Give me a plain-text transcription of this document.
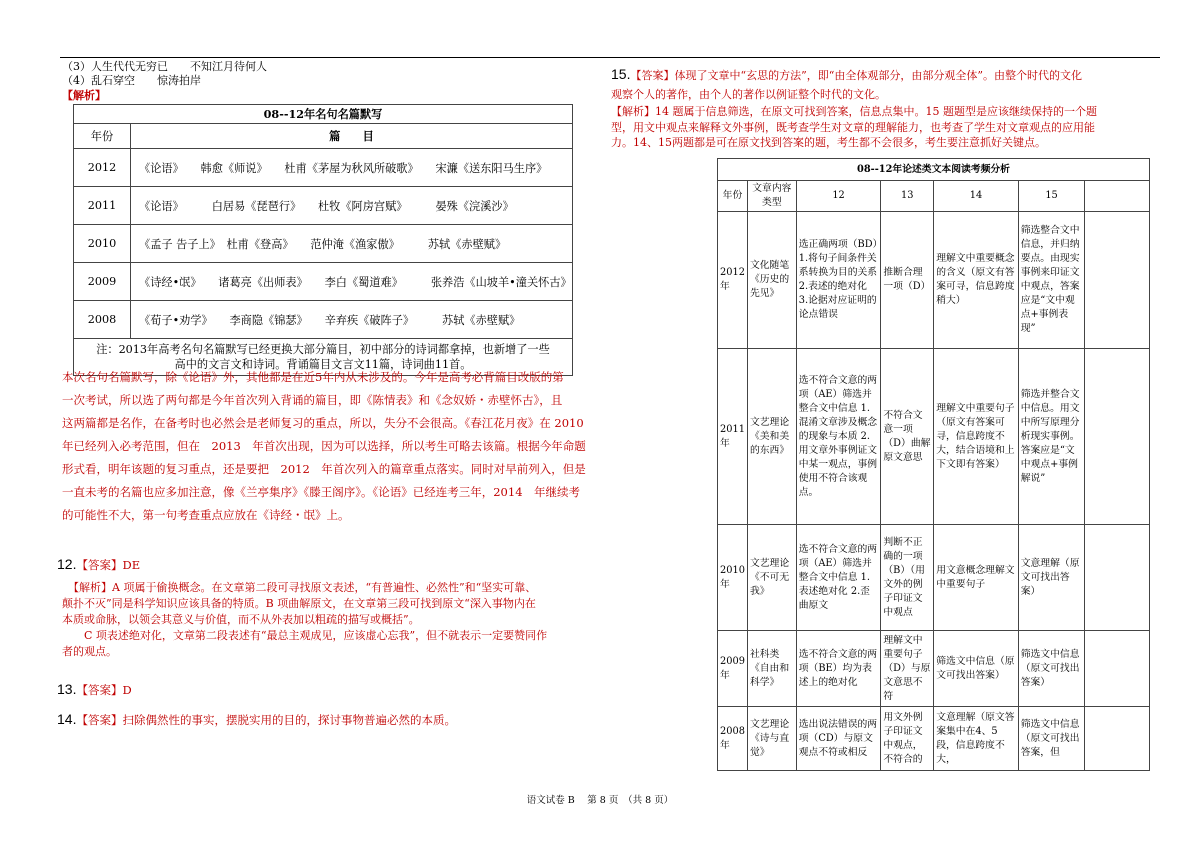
（3）人生代代无穷已　　不知江月待何人
（4）乱石穿空　　惊涛拍岸
【解析】
08--12年名句名篇默写	
年份	篇　　目
2012	《论语》　　韩愈《师说》　　杜甫《茅屋为秋风所破歌》　　宋濂《送东阳马生序》
2011	《论语》　　　白居易《琵琶行》　　杜牧《阿房宫赋》　　　晏殊《浣溪沙》
2010	《孟子 告子上》　杜甫《登高》　　范仲淹《渔家傲》　　　苏轼《赤壁赋》
2009	《诗经•氓》　　诸葛亮《出师表》　　李白《蜀道难》　　　张养浩《山坡羊•潼关怀古》
2008	《荀子•劝学》　　李商隐《锦瑟》　　辛弃疾《破阵子》　　　苏轼《赤壁赋》

注：2013年高考名句名篇默写已经更换大部分篇目，初中部分的诗词都拿掉，也新增了一些
高中的文言文和诗词。背诵篇目文言文11篇，诗词曲11首。	
本次名句名篇默写，除《论语》外，其他都是在近5年内从未涉及的。今年是高考必背篇目改版的第
一次考试，所以选了两句都是今年首次列入背诵的篇目，即《陈情表》和《念奴娇・赤壁怀古》，且
这两篇都是名作，在备考时也必然会是老师复习的重点，所以，失分不会很高。《春江花月夜》在 2010
年已经列入必考范围，但在　2013　年首次出现，因为可以选择，所以考生可略去该篇。根据今年命题
形式看，明年该题的复习重点，还是要把　2012　年首次列入的篇章重点落实。同时对早前列入，但是
一直未考的名篇也应多加注意，像《兰亭集序》《滕王阁序》。《论语》已经连考三年，2014　年继续考
的可能性不大，第一句考查重点应放在《诗经・氓》上。
12.【答案】DE
【解析】A 项属于偷换概念。在文章第二段可寻找原文表述，“有普遍性、必然性”和“坚实可靠、
颠扑不灭”同是科学知识应该具备的特质。B 项曲解原文，在文章第三段可找到原文“深入事物内在
本质或命脉，以领会其意义与价值，而不从外表加以粗疏的描写或概括”。
C 项表述绝对化，文章第二段表述有“最总主观成见，应该虚心忘我”，但不就表示一定要赞同作
者的观点。
13.【答案】D
14.【答案】扫除偶然性的事实，摆脱实用的目的，探讨事物普遍必然的本质。
15.【答案】体现了文章中“玄思的方法”，即“由全体观部分，由部分观全体”。由整个时代的文化
观察个人的著作，由个人的著作以例证整个时代的文化。
【解析】14 题属于信息筛选，在原文可找到答案，信息点集中。15 题题型是应该继续保持的一个题
型，用文中观点来解释文外事例，既考查学生对文章的理解能力，也考查了学生对文章观点的应用能
力。14、15两题都是可在原文找到答案的题，考生都不会很多，考生要注意抓好关键点。
08--12年论述类文本阅读考频分析						
年份	文章内容类型	12	13	14	15	
2012年	文化随笔《历史的先见》	选正确两项（BD）1.将句子间条件关系转换为目的关系 2.表述的绝对化 3.论据对应证明的论点错误	推断合理一项（D）	理解文中重要概念的含义（原文有答案可寻，信息跨度稍大）	筛选整合文中信息，并归纳要点。由现实事例来印证文中观点，答案应是“文中观点+事例表现”	
2011年	文艺理论《美和美的东西》	选不符合文意的两项（AE）筛选并整合文中信息 1.混淆文章涉及概念的现象与本质 2.用文章外事例证文中某一观点，事例使用不符合该观点。	不符合文意一项（D）曲解原文意思	理解文中重要句子（原文有答案可寻，信息跨度不大，结合语境和上下文即有答案）	筛选并整合文中信息。用文中所写原理分析现实事例。答案应是“文中观点+事例解说”	
2010年	文艺理论《不可无我》	选不符合文意的两项（AE）筛选并整合文中信息 1.表述绝对化 2.歪曲原文	判断不正确的一项（B）（用文外的例子印证文中观点	用文意概念理解文中重要句子	文意理解（原文可找出答案）	
2009年	社科类《自由和科学》	选不符合文意的两项（BE）均为表述上的绝对化	理解文中重要句子（D）与原文意思不符	筛选文中信息（原文可找出答案）	筛选文中信息（原文可找出答案）	
2008年	文艺理论《诗与直觉》	选出说法错误的两项（CD）与原文观点不符或相反	用文外例子印证文中观点，不符合的	文意理解（原文答案集中在4、5段，信息跨度不大，	筛选文中信息（原文可找出答案，但	
语文试卷 B　 第 8 页　（共 8 页）
